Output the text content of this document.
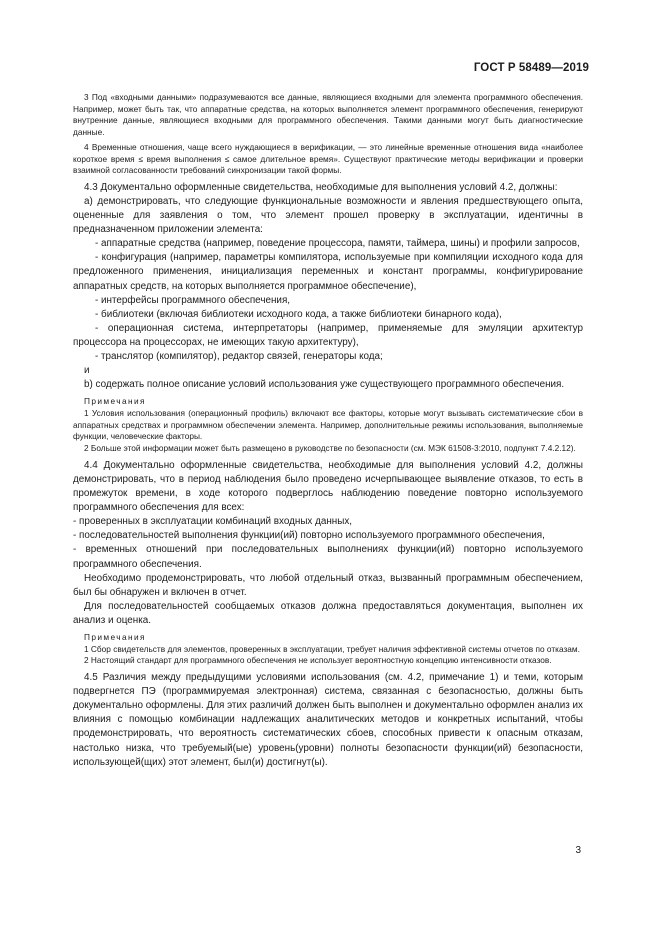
ГОСТ Р 58489—2019

3 Под «входными данными» подразумеваются все данные, являющиеся входными для элемента программного обеспечения. Например, может быть так, что аппаратные средства, на которых выполняется элемент программного обеспечения, генерируют внутренние данные, являющиеся входными для программного обеспечения. Такими данными могут быть диагностические данные.

4 Временные отношения, чаще всего нуждающиеся в верификации, — это линейные временные отношения вида «наиболее короткое время ≤ время выполнения ≤ самое длительное время». Существуют практические методы верификации и проверки взаимной согласованности требований синхронизации такой формы.

4.3 Документально оформленные свидетельства, необходимые для выполнения условий 4.2, должны:

а) демонстрировать, что следующие функциональные возможности и явления предшествующего опыта, оцененные для заявления о том, что элемент прошел проверку в эксплуатации, идентичны в предназначенном приложении элемента:

- аппаратные средства (например, поведение процессора, памяти, таймера, шины) и профили запросов,

- конфигурация (например, параметры компилятора, используемые при компиляции исходного кода для предложенного применения, инициализация переменных и констант программы, конфигурирование аппаратных средств, на которых выполняется программное обеспечение),

- интерфейсы программного обеспечения,

- библиотеки (включая библиотеки исходного кода, а также библиотеки бинарного кода),

- операционная система, интерпретаторы (например, применяемые для эмуляции архитектур процессора на процессорах, не имеющих такую архитектуру),

- транслятор (компилятор), редактор связей, генераторы кода;

и

b) содержать полное описание условий использования уже существующего программного обеспечения.

Примечания

1 Условия использования (операционный профиль) включают все факторы, которые могут вызывать систематические сбои в аппаратных средствах и программном обеспечении элемента. Например, дополнительные режимы использования, выполняемые функции, человеческие факторы.

2 Больше этой информации может быть размещено в руководстве по безопасности (см. МЭК 61508-3:2010, подпункт 7.4.2.12).

4.4 Документально оформленные свидетельства, необходимые для выполнения условий 4.2, должны демонстрировать, что в период наблюдения было проведено исчерпывающее выявление отказов, то есть в промежуток времени, в ходе которого подверглось наблюдению поведение повторно используемого программного обеспечения для всех:

- проверенных в эксплуатации комбинаций входных данных,

- последовательностей выполнения функции(ий) повторно используемого программного обеспечения,

- временных отношений при последовательных выполнениях функции(ий) повторно используемого программного обеспечения.

Необходимо продемонстрировать, что любой отдельный отказ, вызванный программным обеспечением, был бы обнаружен и включен в отчет.

Для последовательностей сообщаемых отказов должна предоставляться документация, выполнен их анализ и оценка.

Примечания

1 Сбор свидетельств для элементов, проверенных в эксплуатации, требует наличия эффективной системы отчетов по отказам.

2 Настоящий стандарт для программного обеспечения не использует вероятностную концепцию интенсивности отказов.

4.5 Различия между предыдущими условиями использования (см. 4.2, примечание 1) и теми, которым подвергнется ПЭ (программируемая электронная) система, связанная с безопасностью, должны быть документально оформлены. Для этих различий должен быть выполнен и документально оформлен анализ их влияния с помощью комбинации надлежащих аналитических методов и конкретных испытаний, чтобы продемонстрировать, что вероятность систематических сбоев, способных привести к опасным отказам, настолько низка, что требуемый(ые) уровень(уровни) полноты безопасности функции(ий) безопасности, использующей(щих) этот элемент, был(и) достигнут(ы).

3
